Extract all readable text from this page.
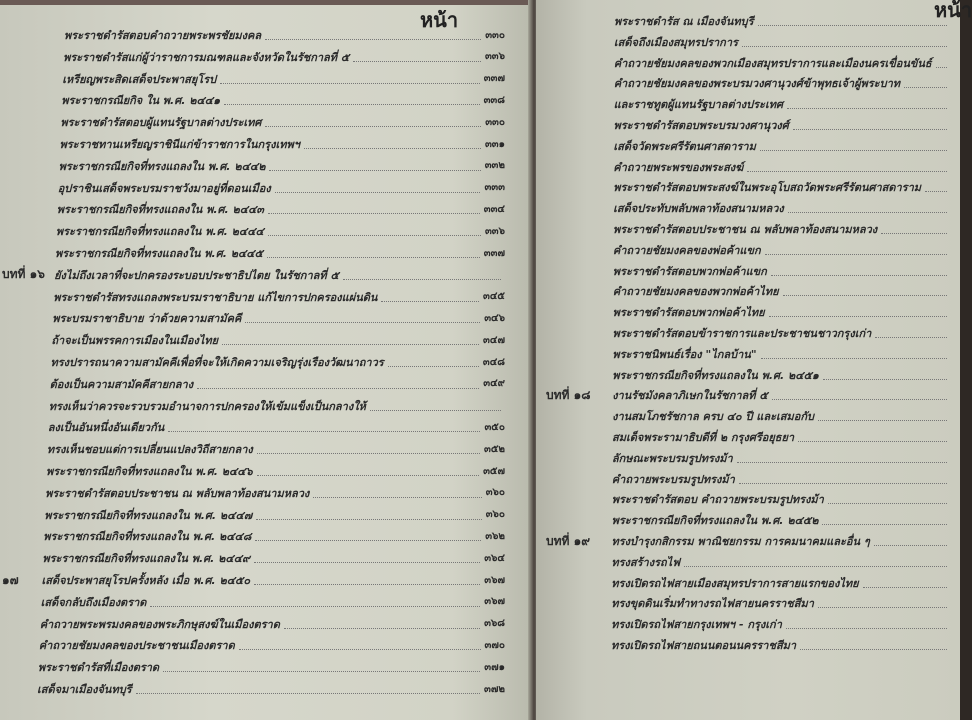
หน้า
พระราชดำรัสตอบคำถวายพระพรชัยมงคล	๓๓๐
พระราชดำรัสแก่ผู้ว่าราชการมณฑลและจังหวัดในรัชกาลที่ ๕	๓๓๖
เหรียญพระสิดเสด็จประพาสยุโรป	๓๓๗
พระราชกรณียกิจ ใน พ.ศ. ๒๔๔๑	๓๓๘
พระราชดำรัสตอบผู้แทนรัฐบาลต่างประเทศ	๓๓๐
พระราชทานเหรียญราชินีแก่ข้าราชการในกรุงเทพฯ	๓๓๑
พระราชกรณียกิจที่ทรงแถลงใน พ.ศ. ๒๔๔๒	๓๓๒
อุปราชินเสด็จพระบรมราชวังมาอยู่ที่ดอนเมือง	๓๓๓
พระราชกรณียกิจที่ทรงแถลงใน พ.ศ. ๒๔๔๓	๓๓๔
พระราชกรณียกิจที่ทรงแถลงใน พ.ศ. ๒๔๔๔	๓๓๖
พระราชกรณียกิจที่ทรงแถลงใน พ.ศ. ๒๔๔๕	๓๓๗
บทที่ ๑๖ ยังไม่ถึงเวลาที่จะปกครองระบอบประชาธิปไตย ในรัชกาลที่ ๕
พระราชดำรัสทรงแถลงพระบรมราชาธิบาย แก้ไขการปกครองแผ่นดิน	๓๔๕
พระบรมราชาธิบาย ว่าด้วยความสามัคคี	๓๔๖
ถ้าจะเป็นพรรคการเมืองในเมืองไทย	๓๔๗
ทรงปรารถนาความสามัคคีเพื่อที่จะให้เกิดความเจริญรุ่งเรืองวัฒนาถาวร	๓๔๘
ต้องเป็นความสามัคคีสายกลาง	๓๔๙
ทรงเห็นว่าควรจะรวบรวมอำนาจการปกครองให้เข้มแข็งเป็นกลางให้
ลงเป็นอันหนึ่งอันเดียวกัน	๓๕๐
ทรงเห็นชอบแต่การเปลี่ยนแปลงวิถีสายกลาง	๓๕๒
พระราชกรณียกิจที่ทรงแถลงใน พ.ศ. ๒๔๔๖	๓๕๗
พระราชดำรัสตอบประชาชน ณ พลับพลาท้องสนามหลวง	๓๖๐
พระราชกรณียกิจที่ทรงแถลงใน พ.ศ. ๒๔๔๗	๓๖๐
พระราชกรณียกิจที่ทรงแถลงใน พ.ศ. ๒๔๔๘	๓๖๒
พระราชกรณียกิจที่ทรงแถลงใน พ.ศ. ๒๔๔๙	๓๖๔
๑๗ เสด็จประพาสยุโรปครั้งหลัง เมื่อ พ.ศ. ๒๔๕๐	๓๖๗
เสด็จกลับถึงเมืองตราด	๓๖๗
คำถวายพระพรมงคลของพระภิกษุสงฆ์ในเมืองตราด	๓๖๘
คำถวายชัยมงคลของประชาชนเมืองตราด	๓๗๐
พระราชดำรัสที่เมืองตราด	๓๗๑
เสด็จมาเมืองจันทบุรี	๓๗๒
หน้า
พระราชดำรัส ณ เมืองจันทบุรี
เสด็จถึงเมืองสมุทรปราการ
คำถวายชัยมงคลของพวกเมืองสมุทรปราการและเมืองนครเขื่อนขันธ์
คำถวายชัยมงคลของพระบรมวงศานุวงศ์ข้าพุทธเจ้าผู้พระบาท
และราชทูตผู้แทนรัฐบาลต่างประเทศ
พระราชดำรัสตอบพระบรมวงศานุวงศ์
เสด็จวัดพระศรีรัตนศาสดาราม
คำถวายพระพรของพระสงฆ์
พระราชดำรัสตอบพระสงฆ์ในพระอุโบสถวัดพระศรีรัตนศาสดาราม
เสด็จประทับพลับพลาท้องสนามหลวง
พระราชดำรัสตอบประชาชน ณ พลับพลาท้องสนามหลวง
คำถวายชัยมงคลของพ่อค้าแขก
พระราชดำรัสตอบพวกพ่อค้าแขก
คำถวายชัยมงคลของพวกพ่อค้าไทย
พระราชดำรัสตอบพวกพ่อค้าไทย
พระราชดำรัสตอบข้าราชการและประชาชนชาวกรุงเก่า
พระราชนิพนธ์เรื่อง "ไกลบ้าน"
พระราชกรณียกิจที่ทรงแถลงใน พ.ศ. ๒๔๕๑
บทที่ ๑๘ งานรัชมังคลาภิเษกในรัชกาลที่ ๕
งานสมโภชรัชกาล ครบ ๔๐ ปี และเสมอกับ
สมเด็จพระรามาธิบดีที่ ๒ กรุงศรีอยุธยา
ลักษณะพระบรมรูปทรงม้า
คำถวายพระบรมรูปทรงม้า
พระราชดำรัสตอบ คำถวายพระบรมรูปทรงม้า
พระราชกรณียกิจที่ทรงแถลงใน พ.ศ. ๒๔๕๒
บทที่ ๑๙ ทรงบำรุงกสิกรรม พาณิชยกรรม การคมนาคมและอื่น ๆ
ทรงสร้างรถไฟ
ทรงเปิดรถไฟสายเมืองสมุทรปราการสายแรกของไทย
ทรงขุดดินเริ่มทำทางรถไฟสายนครราชสีมา
ทรงเปิดรถไฟสายกรุงเทพฯ - กรุงเก่า
ทรงเปิดรถไฟสายถนนตอนนครราชสีมา
